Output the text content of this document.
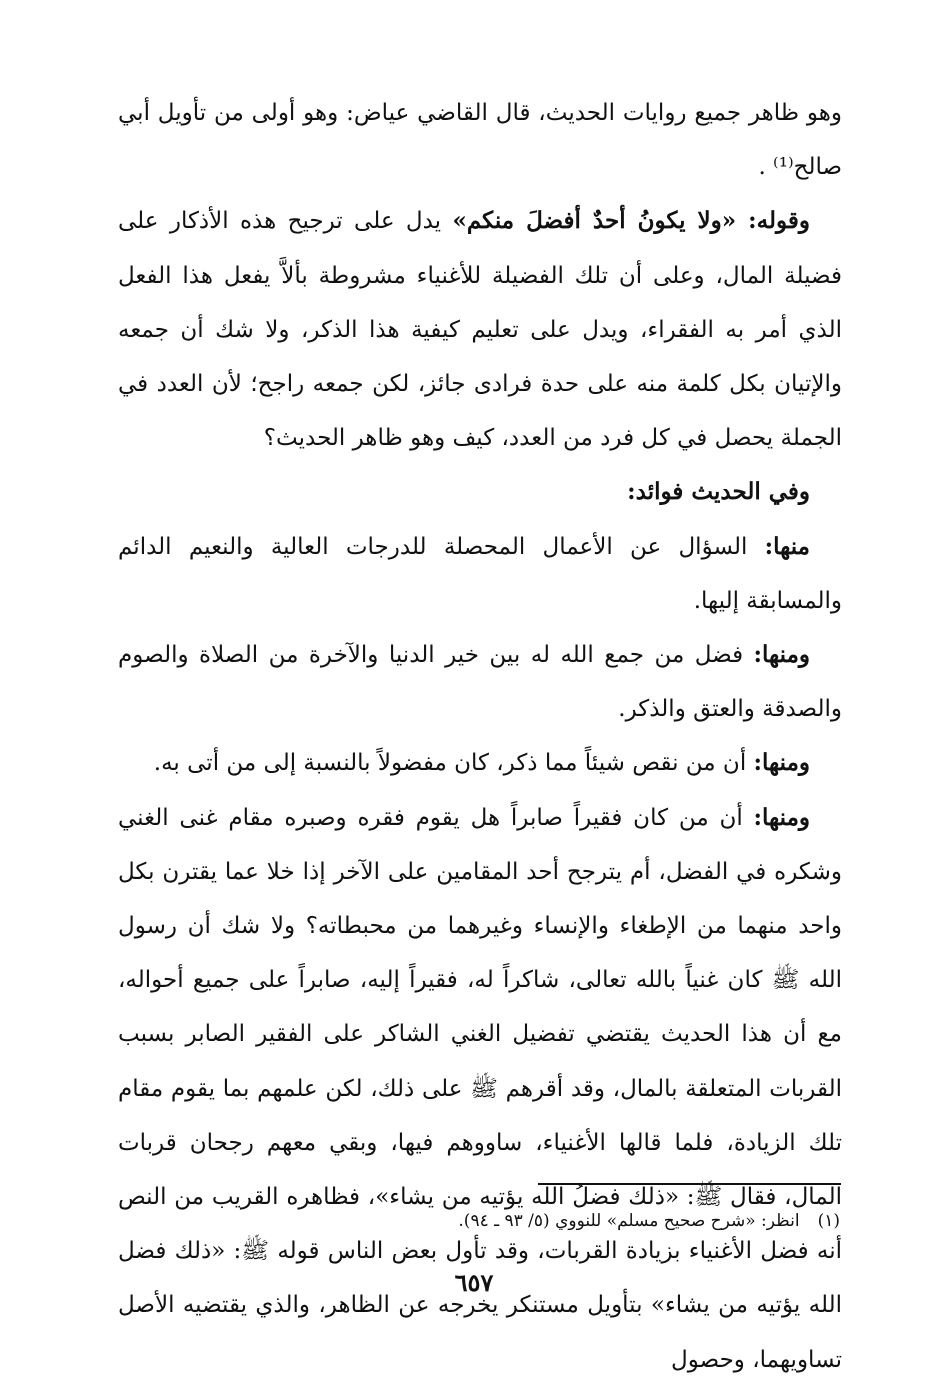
وهو ظاهر جميع روايات الحديث، قال القاضي عياض: وهو أولى من تأويل أبي صالح⁽¹⁾ .

وقوله: «ولا يكونُ أحدٌ أفضلَ منكم» يدل على ترجيح هذه الأذكار على فضيلة المال، وعلى أن تلك الفضيلة للأغنياء مشروطة بألاَّ يفعل هذا الفعل الذي أمر به الفقراء، ويدل على تعليم كيفية هذا الذكر، ولا شك أن جمعه والإتيان بكل كلمة منه على حدة فرادى جائز، لكن جمعه راجح؛ لأن العدد في الجملة يحصل في كل فرد من العدد، كيف وهو ظاهر الحديث؟

وفي الحديث فوائد:

منها: السؤال عن الأعمال المحصلة للدرجات العالية والنعيم الدائم والمسابقة إليها.

ومنها: فضل من جمع الله له بين خير الدنيا والآخرة من الصلاة والصوم والصدقة والعتق والذكر.

ومنها: أن من نقص شيئاً مما ذكر، كان مفضولاً بالنسبة إلى من أتى به.

ومنها: أن من كان فقيراً صابراً هل يقوم فقره وصبره مقام غنى الغني وشكره في الفضل، أم يترجح أحد المقامين على الآخر إذا خلا عما يقترن بكل واحد منهما من الإطغاء والإنساء وغيرهما من محبطاته؟ ولا شك أن رسول الله ﷺ كان غنياً بالله تعالى، شاكراً له، فقيراً إليه، صابراً على جميع أحواله، مع أن هذا الحديث يقتضي تفضيل الغني الشاكر على الفقير الصابر بسبب القربات المتعلقة بالمال، وقد أقرهم ﷺ على ذلك، لكن علمهم بما يقوم مقام تلك الزيادة، فلما قالها الأغنياء، ساووهم فيها، وبقي معهم رجحان قربات المال، فقال ﷺ: «ذلك فضلُ الله يؤتيه من يشاء»، فظاهره القريب من النص أنه فضل الأغنياء بزيادة القربات، وقد تأول بعض الناس قوله ﷺ: «ذلك فضل الله يؤتيه من يشاء» بتأويل مستنكر يخرجه عن الظاهر، والذي يقتضيه الأصل تساويهما، وحصول

(١)انظر: «شرح صحيح مسلم» للنووي (٥/ ٩٣ ـ ٩٤).
٦٥٧
